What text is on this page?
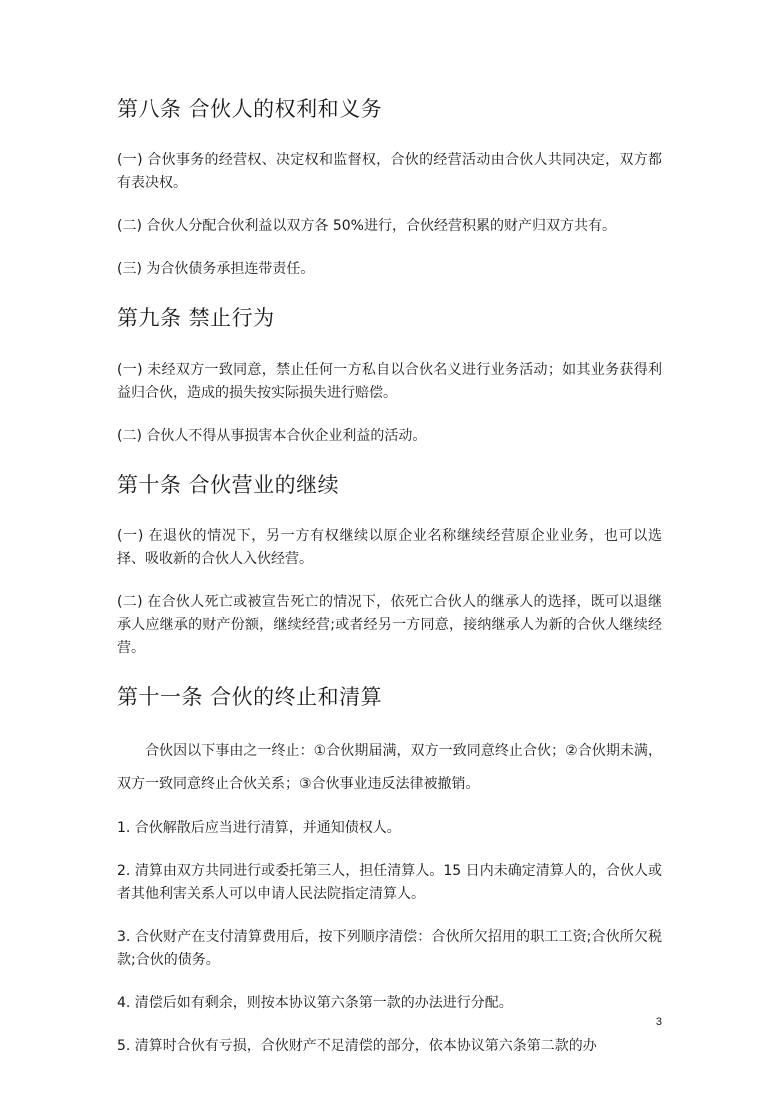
第八条 合伙人的权利和义务

(一) 合伙事务的经营权、决定权和监督权，合伙的经营活动由合伙人共同决定，双方都有表决权。

(二) 合伙人分配合伙利益以双方各 50%进行，合伙经营积累的财产归双方共有。

(三) 为合伙债务承担连带责任。

第九条 禁止行为

(一) 未经双方一致同意，禁止任何一方私自以合伙名义进行业务活动；如其业务获得利益归合伙，造成的损失按实际损失进行赔偿。

(二) 合伙人不得从事损害本合伙企业利益的活动。

第十条 合伙营业的继续

(一) 在退伙的情况下，另一方有权继续以原企业名称继续经营原企业业务，也可以选择、吸收新的合伙人入伙经营。

(二) 在合伙人死亡或被宣告死亡的情况下，依死亡合伙人的继承人的选择，既可以退继承人应继承的财产份额，继续经营;或者经另一方同意，接纳继承人为新的合伙人继续经营。

第十一条 合伙的终止和清算

合伙因以下事由之一终止：①合伙期届满，双方一致同意终止合伙；②合伙期未满，双方一致同意终止合伙关系；③合伙事业违反法律被撤销。

1. 合伙解散后应当进行清算，并通知债权人。

2. 清算由双方共同进行或委托第三人，担任清算人。15 日内未确定清算人的，合伙人或者其他利害关系人可以申请人民法院指定清算人。

3. 合伙财产在支付清算费用后，按下列顺序清偿：合伙所欠招用的职工工资;合伙所欠税款;合伙的债务。

4. 清偿后如有剩余，则按本协议第六条第一款的办法进行分配。

5. 清算时合伙有亏损，合伙财产不足清偿的部分，依本协议第六条第二款的办

3
